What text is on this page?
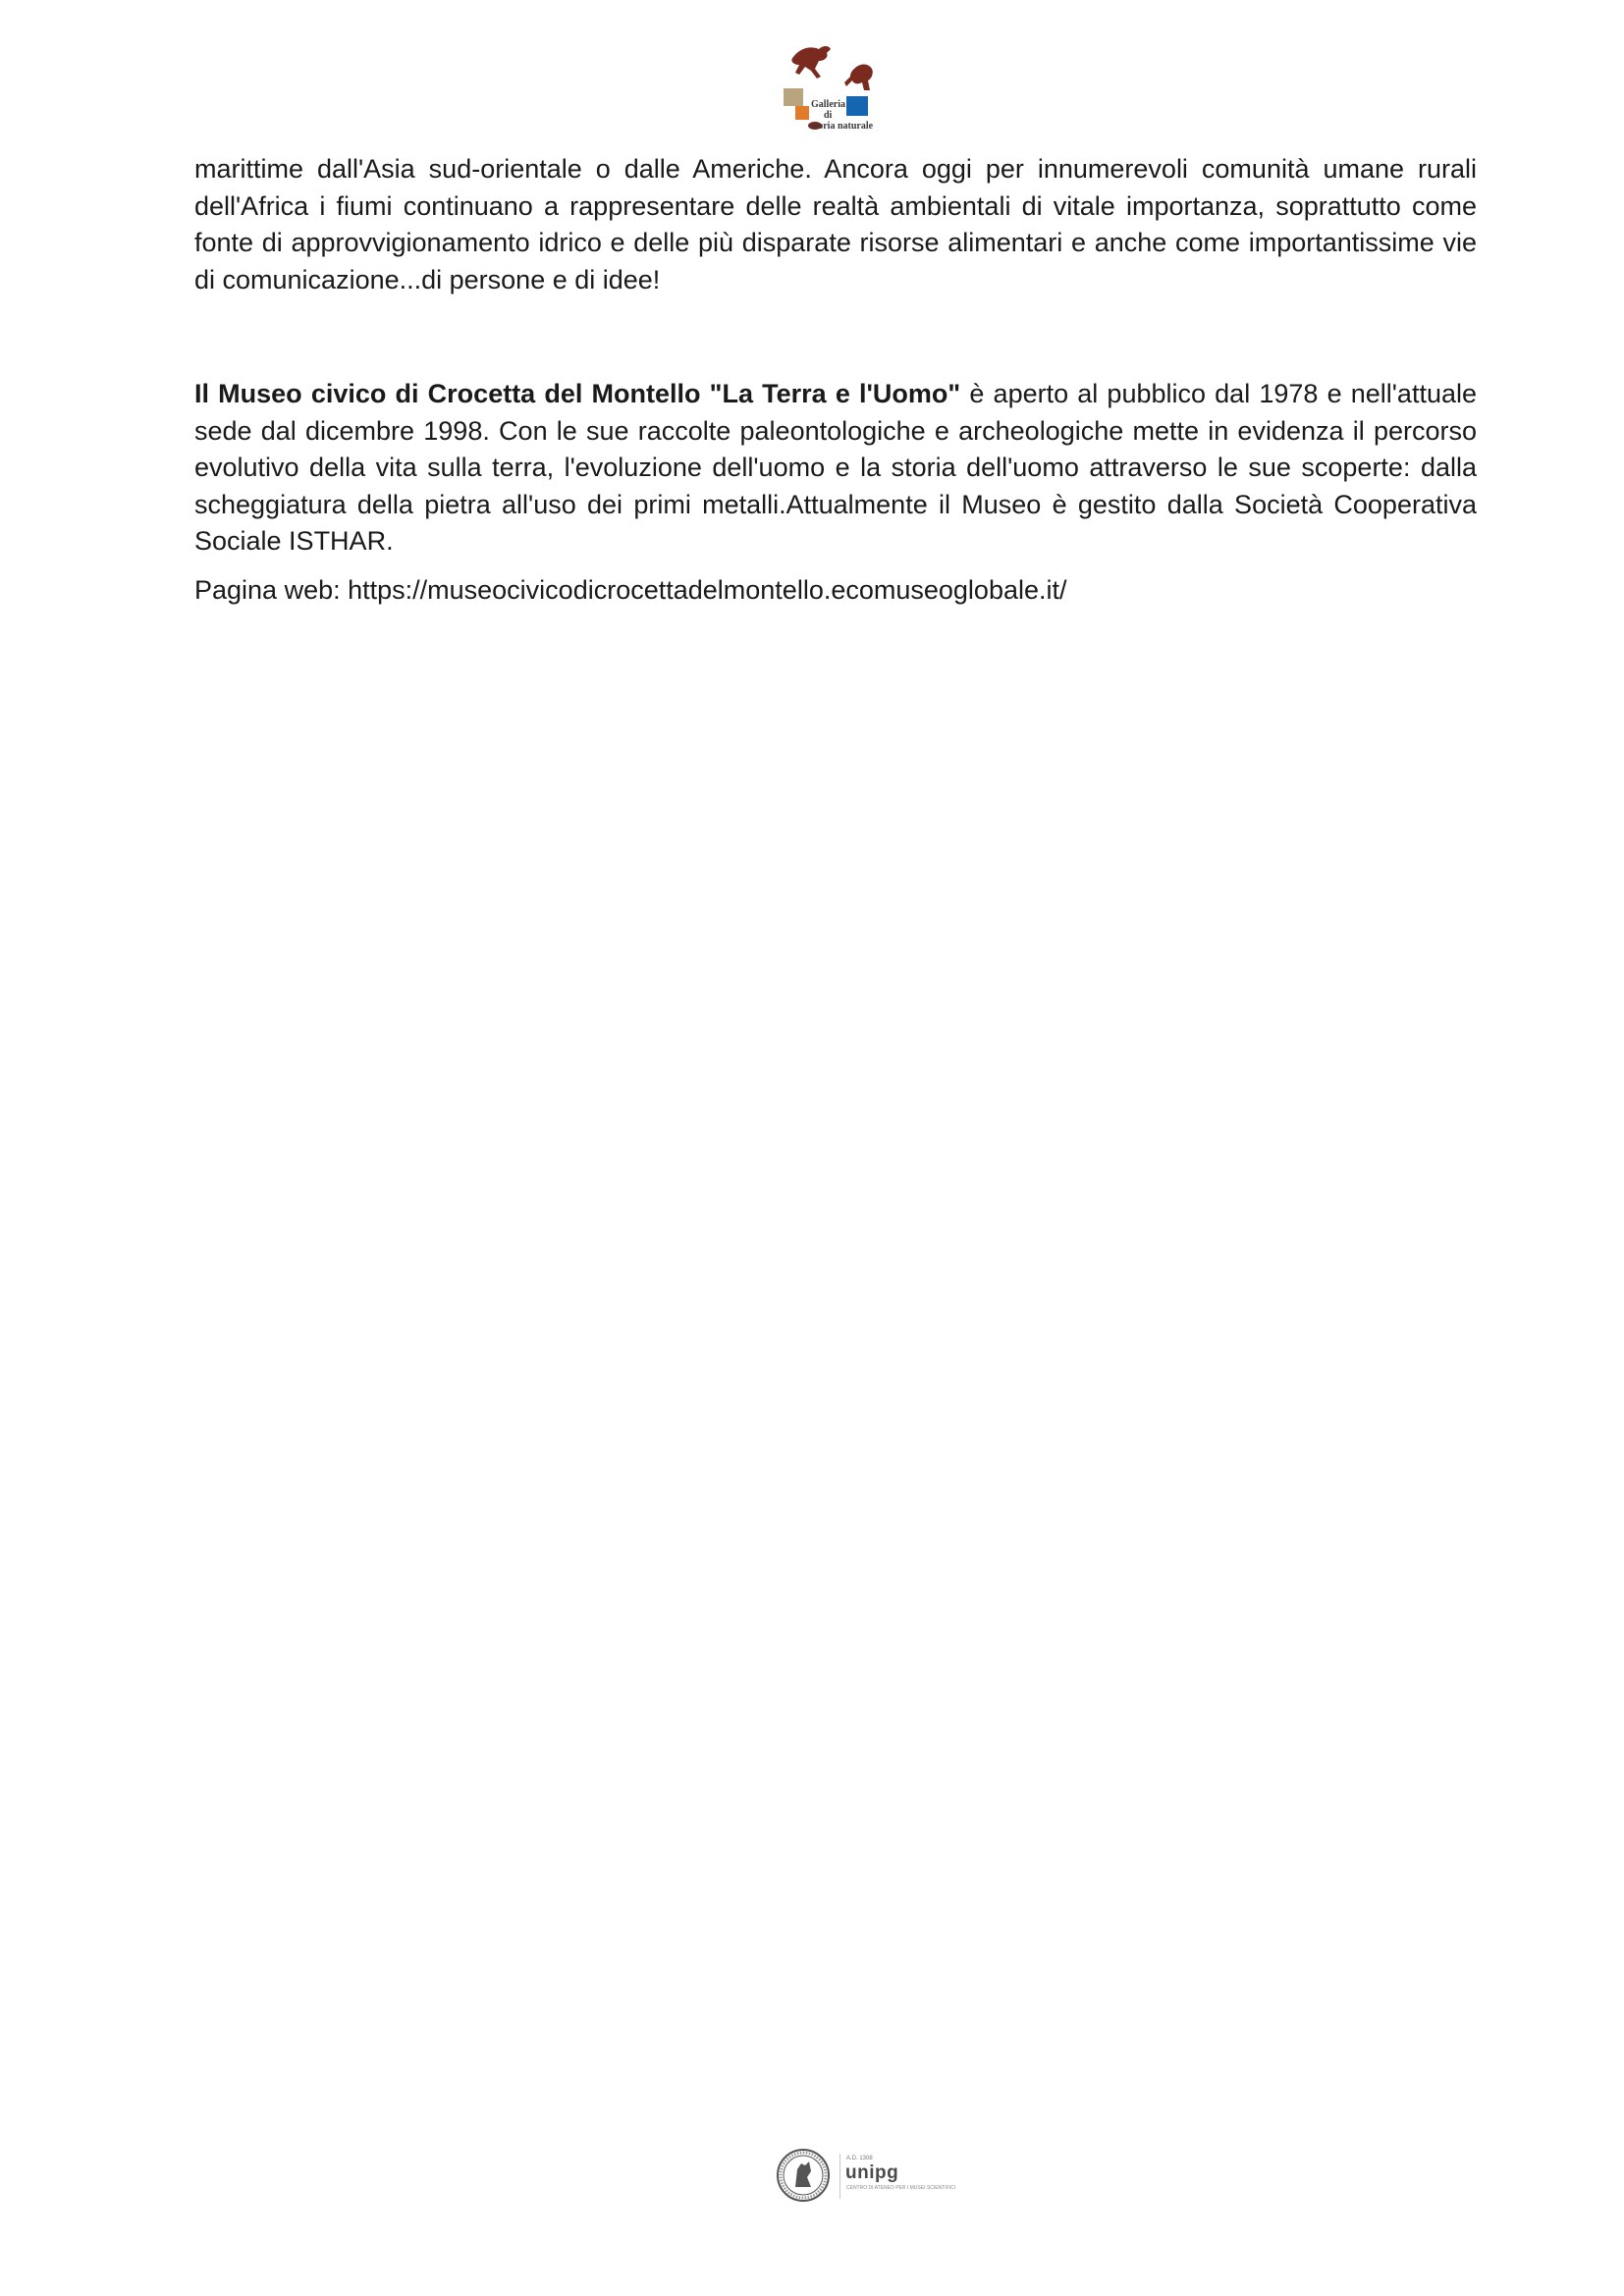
Galleria
di
storia naturale

marittime dall'Asia sud-orientale o dalle Americhe. Ancora oggi per innumerevoli comunità umane rurali dell'Africa i fiumi continuano a rappresentare delle realtà ambientali di vitale importanza, soprattutto come fonte di approvvigionamento idrico e delle più disparate risorse alimentari e anche come importantissime vie di comunicazione...di persone e di idee!

Il Museo civico di Crocetta del Montello "La Terra e l'Uomo" è aperto al pubblico dal 1978 e nell'attuale sede dal dicembre 1998. Con le sue raccolte paleontologiche e archeologiche mette in evidenza il percorso evolutivo della vita sulla terra, l'evoluzione dell'uomo e la storia dell'uomo attraverso le sue scoperte: dalla scheggiatura della pietra all'uso dei primi metalli.Attualmente il Museo è gestito dalla Società Cooperativa Sociale ISTHAR.

Pagina web: https://museocivicodicrocettadelmontello.ecomuseoglobale.it/

A.D. 1308
unipg
CENTRO DI ATENEO PER I MUSEI SCIENTIFICI
